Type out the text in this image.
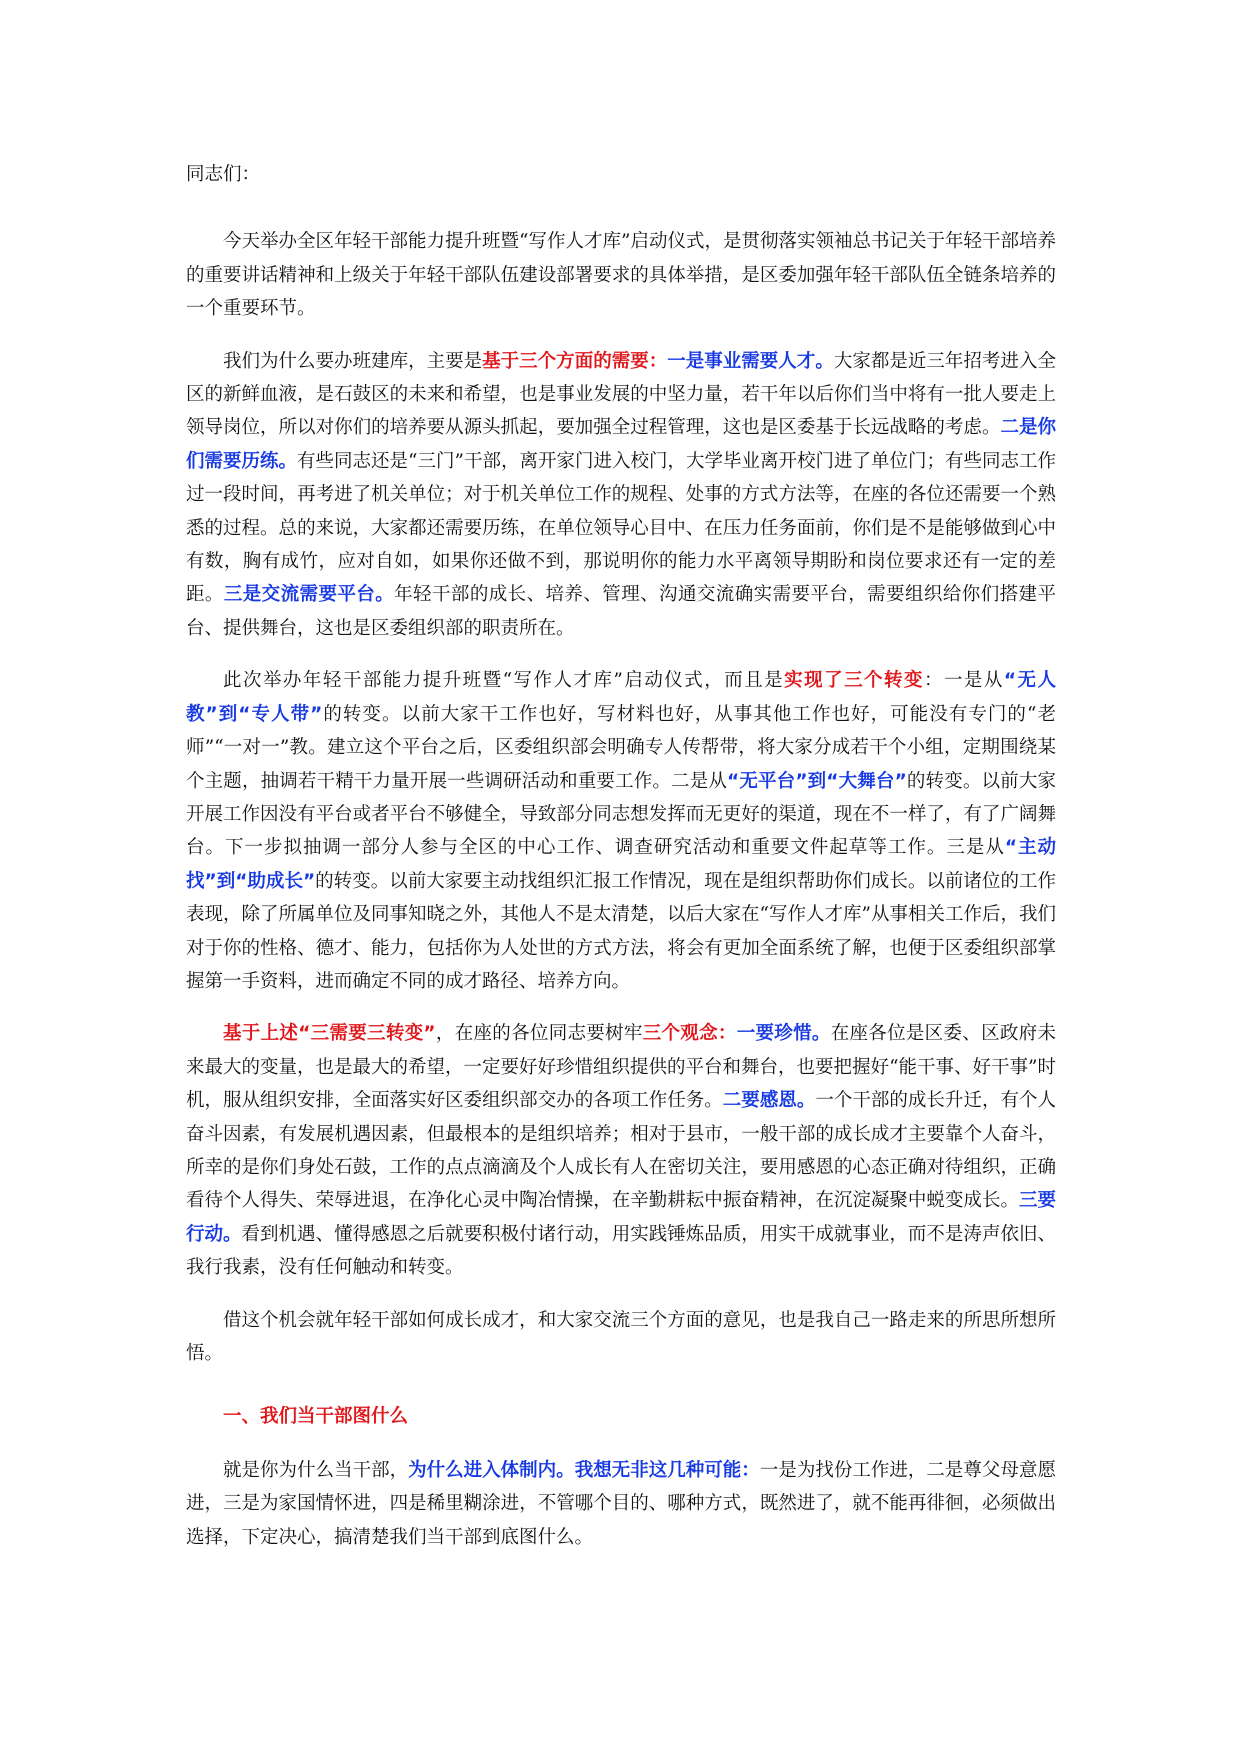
同志们：

今天举办全区年轻干部能力提升班暨“写作人才库”启动仪式，是贯彻落实领袖总书记关于年轻干部培养的重要讲话精神和上级关于年轻干部队伍建设部署要求的具体举措，是区委加强年轻干部队伍全链条培养的一个重要环节。

我们为什么要办班建库，主要是基于三个方面的需要：一是事业需要人才。大家都是近三年招考进入全区的新鲜血液，是石鼓区的未来和希望，也是事业发展的中坚力量，若干年以后你们当中将有一批人要走上领导岗位，所以对你们的培养要从源头抓起，要加强全过程管理，这也是区委基于长远战略的考虑。二是你们需要历练。有些同志还是“三门”干部，离开家门进入校门，大学毕业离开校门进了单位门；有些同志工作过一段时间，再考进了机关单位；对于机关单位工作的规程、处事的方式方法等，在座的各位还需要一个熟悉的过程。总的来说，大家都还需要历练，在单位领导心目中、在压力任务面前，你们是不是能够做到心中有数，胸有成竹，应对自如，如果你还做不到，那说明你的能力水平离领导期盼和岗位要求还有一定的差距。三是交流需要平台。年轻干部的成长、培养、管理、沟通交流确实需要平台，需要组织给你们搭建平台、提供舞台，这也是区委组织部的职责所在。

此次举办年轻干部能力提升班暨“写作人才库”启动仪式，而且是实现了三个转变：一是从“无人教”到“专人带”的转变。以前大家干工作也好，写材料也好，从事其他工作也好，可能没有专门的“老师”“一对一”教。建立这个平台之后，区委组织部会明确专人传帮带，将大家分成若干个小组，定期围绕某个主题，抽调若干精干力量开展一些调研活动和重要工作。二是从“无平台”到“大舞台”的转变。以前大家开展工作因没有平台或者平台不够健全，导致部分同志想发挥而无更好的渠道，现在不一样了，有了广阔舞台。下一步拟抽调一部分人参与全区的中心工作、调查研究活动和重要文件起草等工作。三是从“主动找”到“助成长”的转变。以前大家要主动找组织汇报工作情况，现在是组织帮助你们成长。以前诸位的工作表现，除了所属单位及同事知晓之外，其他人不是太清楚，以后大家在“写作人才库”从事相关工作后，我们对于你的性格、德才、能力，包括你为人处世的方式方法，将会有更加全面系统了解，也便于区委组织部掌握第一手资料，进而确定不同的成才路径、培养方向。

基于上述“三需要三转变”，在座的各位同志要树牢三个观念：一要珍惜。在座各位是区委、区政府未来最大的变量，也是最大的希望，一定要好好珍惜组织提供的平台和舞台，也要把握好“能干事、好干事”时机，服从组织安排，全面落实好区委组织部交办的各项工作任务。二要感恩。一个干部的成长升迁，有个人奋斗因素，有发展机遇因素，但最根本的是组织培养；相对于县市，一般干部的成长成才主要靠个人奋斗，所幸的是你们身处石鼓，工作的点点滴滴及个人成长有人在密切关注，要用感恩的心态正确对待组织，正确看待个人得失、荣辱进退，在净化心灵中陶冶情操，在辛勤耕耘中振奋精神，在沉淀凝聚中蜕变成长。三要行动。看到机遇、懂得感恩之后就要积极付诸行动，用实践锤炼品质，用实干成就事业，而不是涛声依旧、我行我素，没有任何触动和转变。

借这个机会就年轻干部如何成长成才，和大家交流三个方面的意见，也是我自己一路走来的所思所想所悟。

一、我们当干部图什么

就是你为什么当干部，为什么进入体制内。我想无非这几种可能：一是为找份工作进，二是尊父母意愿进，三是为家国情怀进，四是稀里糊涂进，不管哪个目的、哪种方式，既然进了，就不能再徘徊，必须做出选择，下定决心，搞清楚我们当干部到底图什么。
